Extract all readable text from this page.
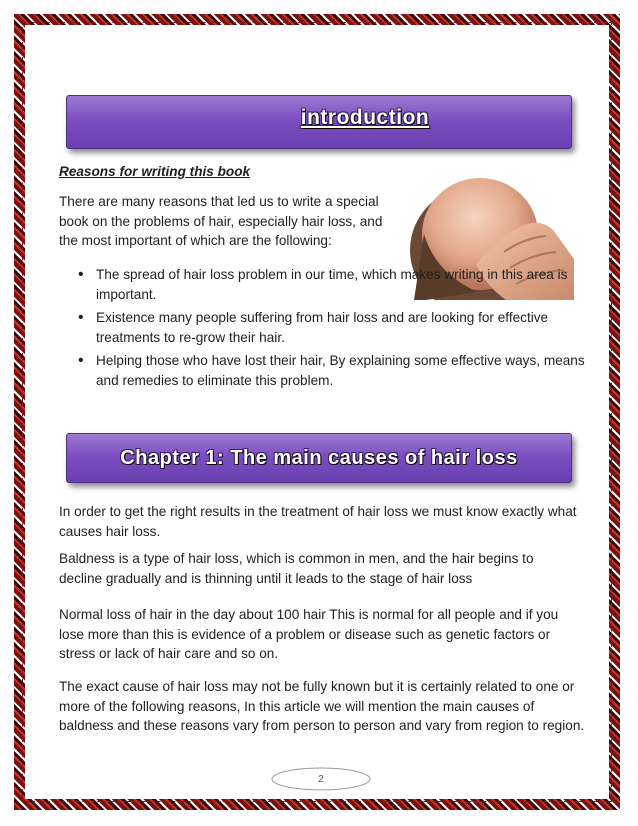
introduction
Reasons for writing this book
There are many reasons that led us to write a special book on the problems of hair, especially hair loss, and the most important of which are the following:
• The spread of hair loss problem in our time, which makes writing in this area is important.
• Existence many people suffering from hair loss and are looking for effective treatments to re-grow their hair.
• Helping those who have lost their hair, By explaining some effective ways, means and remedies to eliminate this problem.
Chapter 1: The main causes of hair loss
In order to get the right results in the treatment of hair loss we must know exactly what causes hair loss.
Baldness is a type of hair loss, which is common in men, and the hair begins to decline gradually and is thinning until it leads to the stage of hair loss
Normal loss of hair in the day about 100 hair This is normal for all people and if you lose more than this is evidence of a problem or disease such as genetic factors or stress or lack of hair care and so on.
The exact cause of hair loss may not be fully known but it is certainly related to one or more of the following reasons, In this article we will mention the main causes of baldness and these reasons vary from person to person and vary from region to region.
2
